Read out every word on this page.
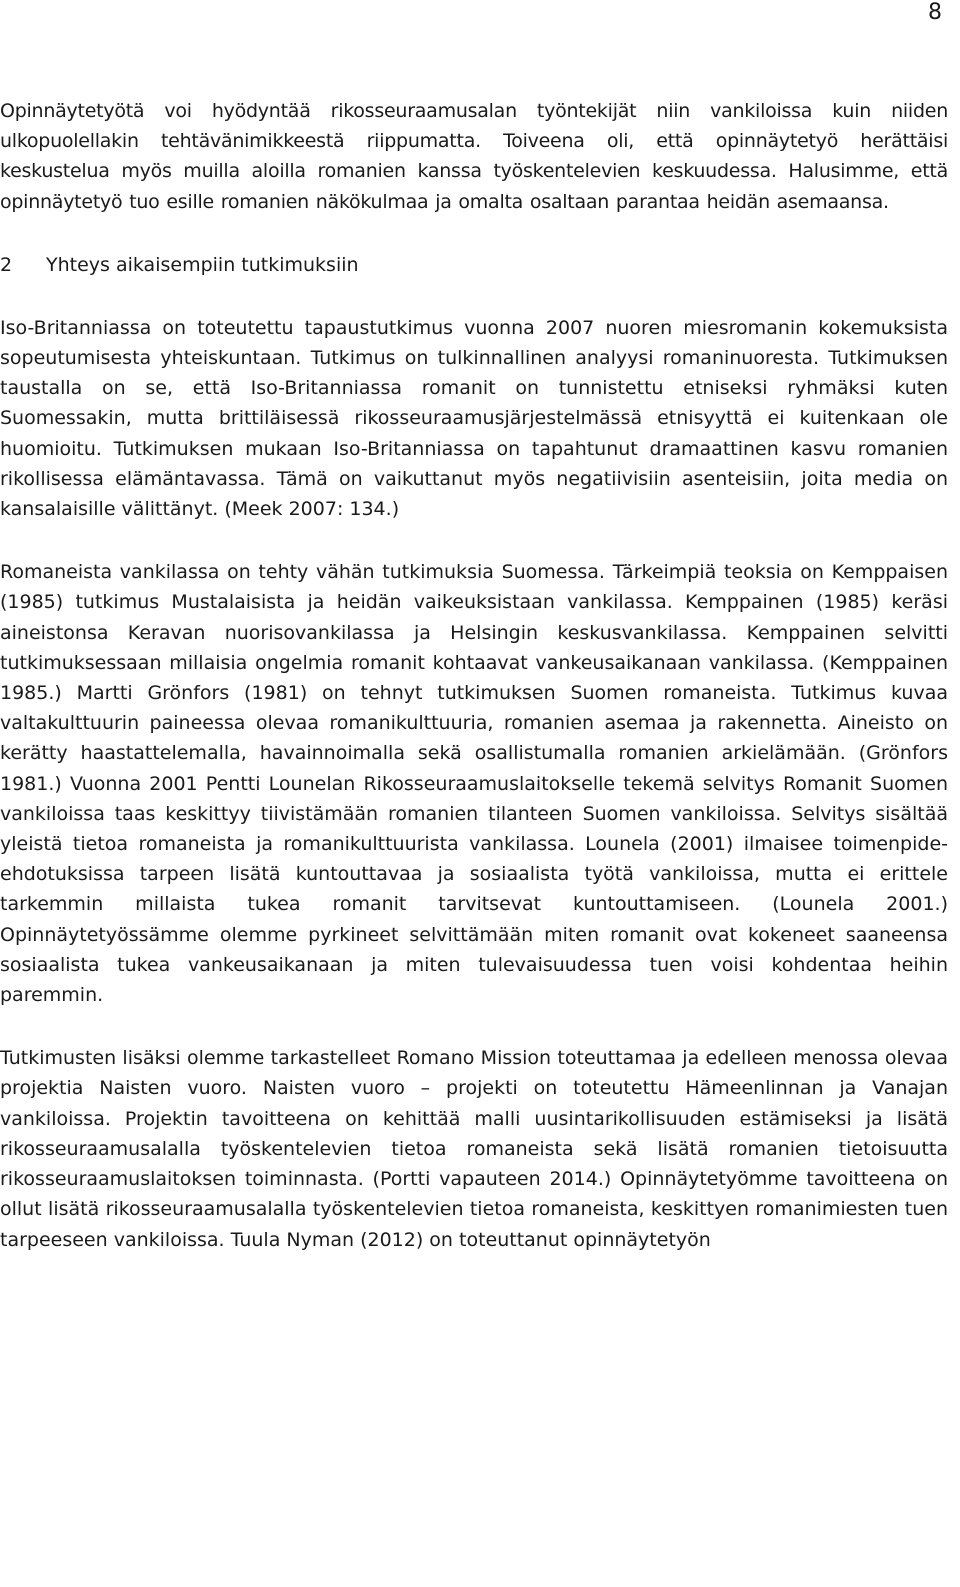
8

Opinnäytetyötä voi hyödyntää rikosseuraamusalan työntekijät niin vankiloissa kuin niiden ulkopuolellakin tehtävänimikkeestä riippumatta. Toiveena oli, että opinnäytetyö herättäisi keskustelua myös muilla aloilla romanien kanssa työskentelevien keskuudessa. Halusimme, että opinnäytetyö tuo esille romanien näkökulmaa ja omalta osaltaan parantaa heidän asemaansa.

2 Yhteys aikaisempiin tutkimuksiin

Iso-Britanniassa on toteutettu tapaustutkimus vuonna 2007 nuoren miesromanin kokemuksista sopeutumisesta yhteiskuntaan. Tutkimus on tulkinnallinen analyysi romaninuoresta. Tutkimuksen taustalla on se, että Iso-Britanniassa romanit on tunnistettu etniseksi ryhmäksi kuten Suomessakin, mutta brittiläisessä rikosseuraamusjärjestelmässä etnisyyttä ei kuitenkaan ole huomioitu. Tutkimuksen mukaan Iso-Britanniassa on tapahtunut dramaattinen kasvu romanien rikollisessa elämäntavassa. Tämä on vaikuttanut myös negatiivisiin asenteisiin, joita media on kansalaisille välittänyt. (Meek 2007: 134.)

Romaneista vankilassa on tehty vähän tutkimuksia Suomessa. Tärkeimpiä teoksia on Kemppaisen (1985) tutkimus Mustalaisista ja heidän vaikeuksistaan vankilassa. Kemppainen (1985) keräsi aineistonsa Keravan nuorisovankilassa ja Helsingin keskusvankilassa. Kemppainen selvitti tutkimuksessaan millaisia ongelmia romanit kohtaavat vankeusaikanaan vankilassa. (Kemppainen 1985.) Martti Grönfors (1981) on tehnyt tutkimuksen Suomen romaneista. Tutkimus kuvaa valtakulttuurin paineessa olevaa romanikulttuuria, romanien asemaa ja rakennetta. Aineisto on kerätty haastattelemalla, havainnoimalla sekä osallistumalla romanien arkielämään. (Grönfors 1981.) Vuonna 2001 Pentti Lounelan Rikosseuraamuslaitokselle tekemä selvitys Romanit Suomen vankiloissa taas keskittyy tiivistämään romanien tilanteen Suomen vankiloissa. Selvitys sisältää yleistä tietoa romaneista ja romanikulttuurista vankilassa. Lounela (2001) ilmaisee toimenpide-ehdotuksissa tarpeen lisätä kuntouttavaa ja sosiaalista työtä vankiloissa, mutta ei erittele tarkemmin millaista tukea romanit tarvitsevat kuntouttamiseen. (Lounela 2001.) Opinnäytetyössämme olemme pyrkineet selvittämään miten romanit ovat kokeneet saaneensa sosiaalista tukea vankeusaikanaan ja miten tulevaisuudessa tuen voisi kohdentaa heihin paremmin.

Tutkimusten lisäksi olemme tarkastelleet Romano Mission toteuttamaa ja edelleen menossa olevaa projektia Naisten vuoro. Naisten vuoro – projekti on toteutettu Hämeenlinnan ja Vanajan vankiloissa. Projektin tavoitteena on kehittää malli uusintarikollisuuden estämiseksi ja lisätä rikosseuraamusalalla työskentelevien tietoa romaneista sekä lisätä romanien tietoisuutta rikosseuraamuslaitoksen toiminnasta. (Portti vapauteen 2014.) Opinnäytetyömme tavoitteena on ollut lisätä rikosseuraamusalalla työskentelevien tietoa romaneista, keskittyen romanimiesten tuen tarpeeseen vankiloissa. Tuula Nyman (2012) on toteuttanut opinnäytetyön
